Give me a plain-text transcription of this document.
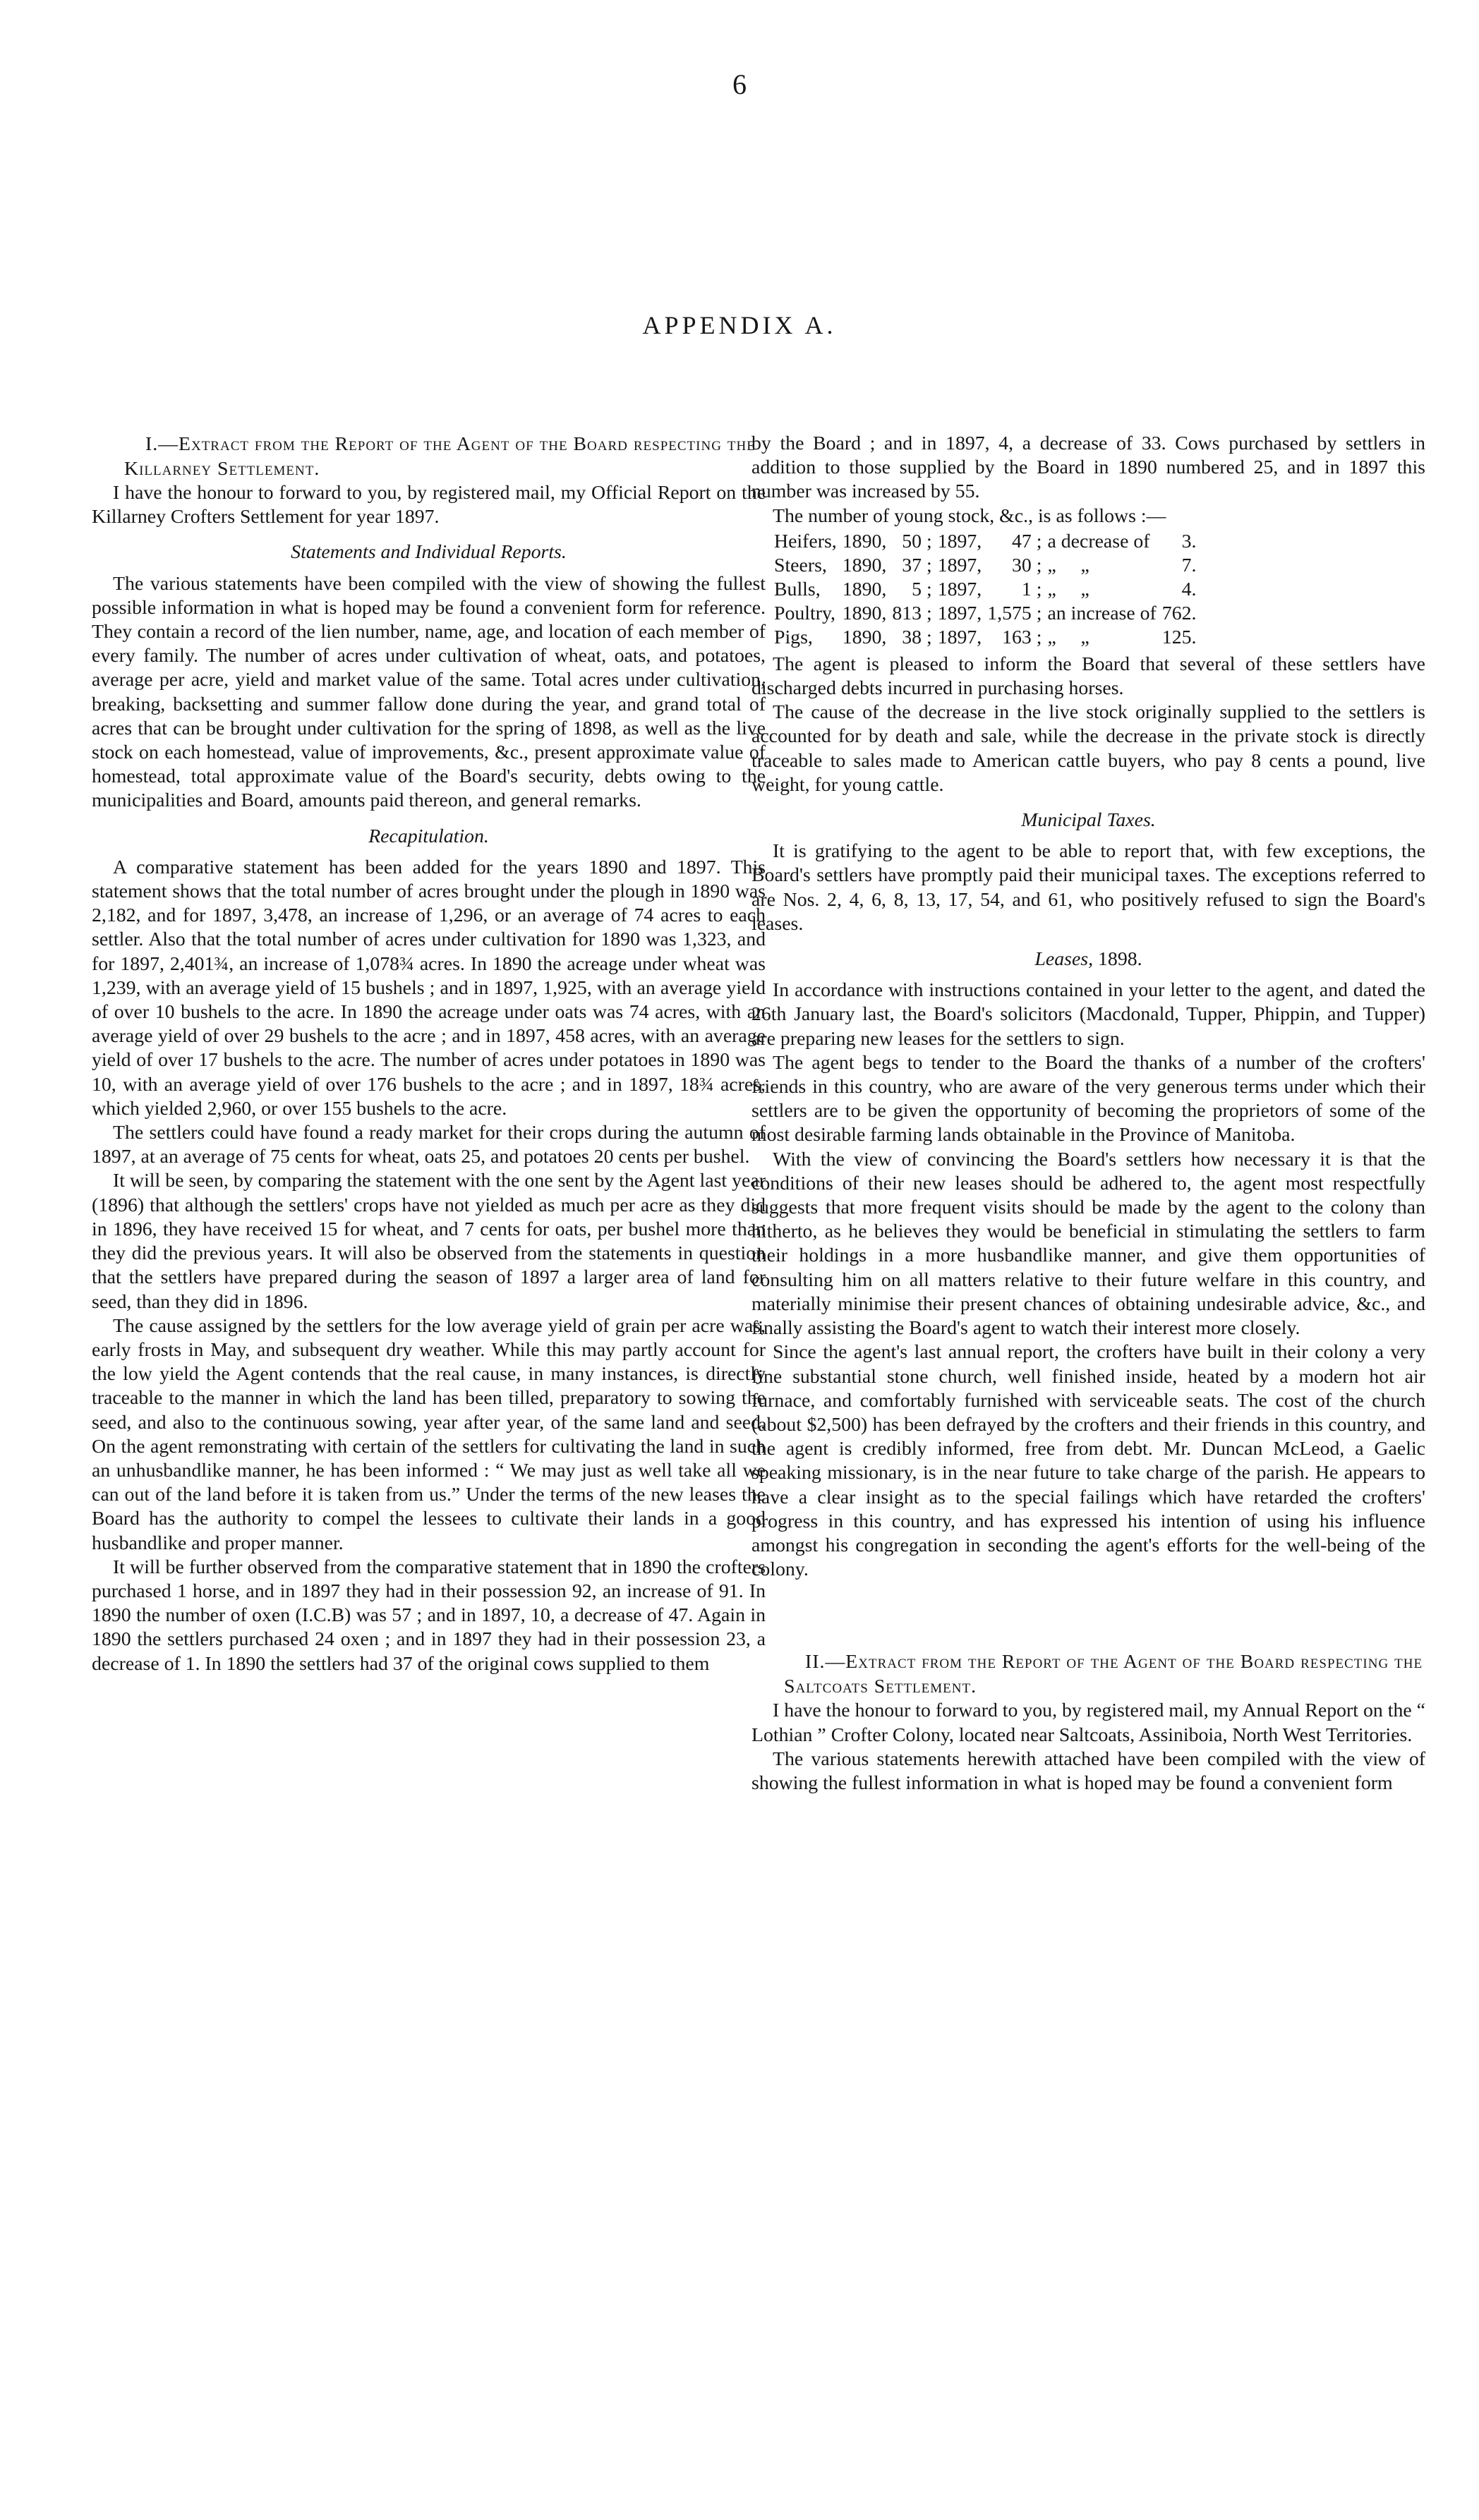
6
APPENDIX A.

I.—Extract from the Report of the Agent of the Board respecting the Killarney Settlement.

I have the honour to forward to you, by registered mail, my Official Report on the Killarney Crofters Settlement for year 1897.

Statements and Individual Reports.

The various statements have been compiled with the view of showing the fullest possible information in what is hoped may be found a convenient form for reference. They contain a record of the lien number, name, age, and location of each member of every family. The number of acres under cultivation of wheat, oats, and potatoes, average per acre, yield and market value of the same. Total acres under cultivation, breaking, backsetting and summer fallow done during the year, and grand total of acres that can be brought under cultivation for the spring of 1898, as well as the live stock on each homestead, value of improvements, &c., present approximate value of homestead, total approximate value of the Board's security, debts owing to the municipalities and Board, amounts paid thereon, and general remarks.

Recapitulation.

A comparative statement has been added for the years 1890 and 1897. This statement shows that the total number of acres brought under the plough in 1890 was 2,182, and for 1897, 3,478, an increase of 1,296, or an average of 74 acres to each settler. Also that the total number of acres under cultivation for 1890 was 1,323, and for 1897, 2,401¾, an increase of 1,078¾ acres. In 1890 the acreage under wheat was 1,239, with an average yield of 15 bushels ; and in 1897, 1,925, with an average yield of over 10 bushels to the acre. In 1890 the acreage under oats was 74 acres, with an average yield of over 29 bushels to the acre ; and in 1897, 458 acres, with an average yield of over 17 bushels to the acre. The number of acres under potatoes in 1890 was 10, with an average yield of over 176 bushels to the acre ; and in 1897, 18¾ acres, which yielded 2,960, or over 155 bushels to the acre.

The settlers could have found a ready market for their crops during the autumn of 1897, at an average of 75 cents for wheat, oats 25, and potatoes 20 cents per bushel.

It will be seen, by comparing the statement with the one sent by the Agent last year (1896) that although the settlers' crops have not yielded as much per acre as they did in 1896, they have received 15 for wheat, and 7 cents for oats, per bushel more than they did the previous years. It will also be observed from the statements in question that the settlers have prepared during the season of 1897 a larger area of land for seed, than they did in 1896.

The cause assigned by the settlers for the low average yield of grain per acre was, early frosts in May, and subsequent dry weather. While this may partly account for the low yield the Agent contends that the real cause, in many instances, is directly traceable to the manner in which the land has been tilled, preparatory to sowing the seed, and also to the continuous sowing, year after year, of the same land and seed. On the agent remonstrating with certain of the settlers for cultivating the land in such an unhusbandlike manner, he has been informed : “ We may just as well take all we can out of the land before it is taken from us.” Under the terms of the new leases the Board has the authority to compel the lessees to cultivate their lands in a good husbandlike and proper manner.

It will be further observed from the comparative statement that in 1890 the crofters purchased 1 horse, and in 1897 they had in their possession 92, an increase of 91. In 1890 the number of oxen (I.C.B) was 57 ; and in 1897, 10, a decrease of 47. Again in 1890 the settlers purchased 24 oxen ; and in 1897 they had in their possession 23, a decrease of 1. In 1890 the settlers had 37 of the original cows supplied to them

by the Board ; and in 1897, 4, a decrease of 33. Cows purchased by settlers in addition to those supplied by the Board in 1890 numbered 25, and in 1897 this number was increased by 55.

The number of young stock, &c., is as follows :—

Heifers,	1890,	50 ;	1897,	47 ;	a decrease of	3.
Steers,	1890,	37 ;	1897,	30 ;	„     „	7.
Bulls,	1890,	5 ;	1897,	1 ;	„     „	4.
Poultry,	1890,	813 ;	1897,	1,575 ;	an increase of	762.
Pigs,	1890,	38 ;	1897,	163 ;	„     „	125.

The agent is pleased to inform the Board that several of these settlers have discharged debts incurred in purchasing horses.

The cause of the decrease in the live stock originally supplied to the settlers is accounted for by death and sale, while the decrease in the private stock is directly traceable to sales made to American cattle buyers, who pay 8 cents a pound, live weight, for young cattle.

Municipal Taxes.

It is gratifying to the agent to be able to report that, with few exceptions, the Board's settlers have promptly paid their municipal taxes. The exceptions referred to are Nos. 2, 4, 6, 8, 13, 17, 54, and 61, who positively refused to sign the Board's leases.

Leases, 1898.

In accordance with instructions contained in your letter to the agent, and dated the 26th January last, the Board's solicitors (Macdonald, Tupper, Phippin, and Tupper) are preparing new leases for the settlers to sign.

The agent begs to tender to the Board the thanks of a number of the crofters' friends in this country, who are aware of the very generous terms under which their settlers are to be given the opportunity of becoming the proprietors of some of the most desirable farming lands obtainable in the Province of Manitoba.

With the view of convincing the Board's settlers how necessary it is that the conditions of their new leases should be adhered to, the agent most respectfully suggests that more frequent visits should be made by the agent to the colony than hitherto, as he believes they would be beneficial in stimulating the settlers to farm their holdings in a more husbandlike manner, and give them opportunities of consulting him on all matters relative to their future welfare in this country, and materially minimise their present chances of obtaining undesirable advice, &c., and finally assisting the Board's agent to watch their interest more closely.

Since the agent's last annual report, the crofters have built in their colony a very fine substantial stone church, well finished inside, heated by a modern hot air furnace, and comfortably furnished with serviceable seats. The cost of the church (about $2,500) has been defrayed by the crofters and their friends in this country, and the agent is credibly informed, free from debt. Mr. Duncan McLeod, a Gaelic speaking missionary, is in the near future to take charge of the parish. He appears to have a clear insight as to the special failings which have retarded the crofters' progress in this country, and has expressed his intention of using his influence amongst his congregation in seconding the agent's efforts for the well-being of the colony.

II.—Extract from the Report of the Agent of the Board respecting the Saltcoats Settlement.

I have the honour to forward to you, by registered mail, my Annual Report on the “ Lothian ” Crofter Colony, located near Saltcoats, Assiniboia, North West Territories.

The various statements herewith attached have been compiled with the view of showing the fullest information in what is hoped may be found a convenient form
